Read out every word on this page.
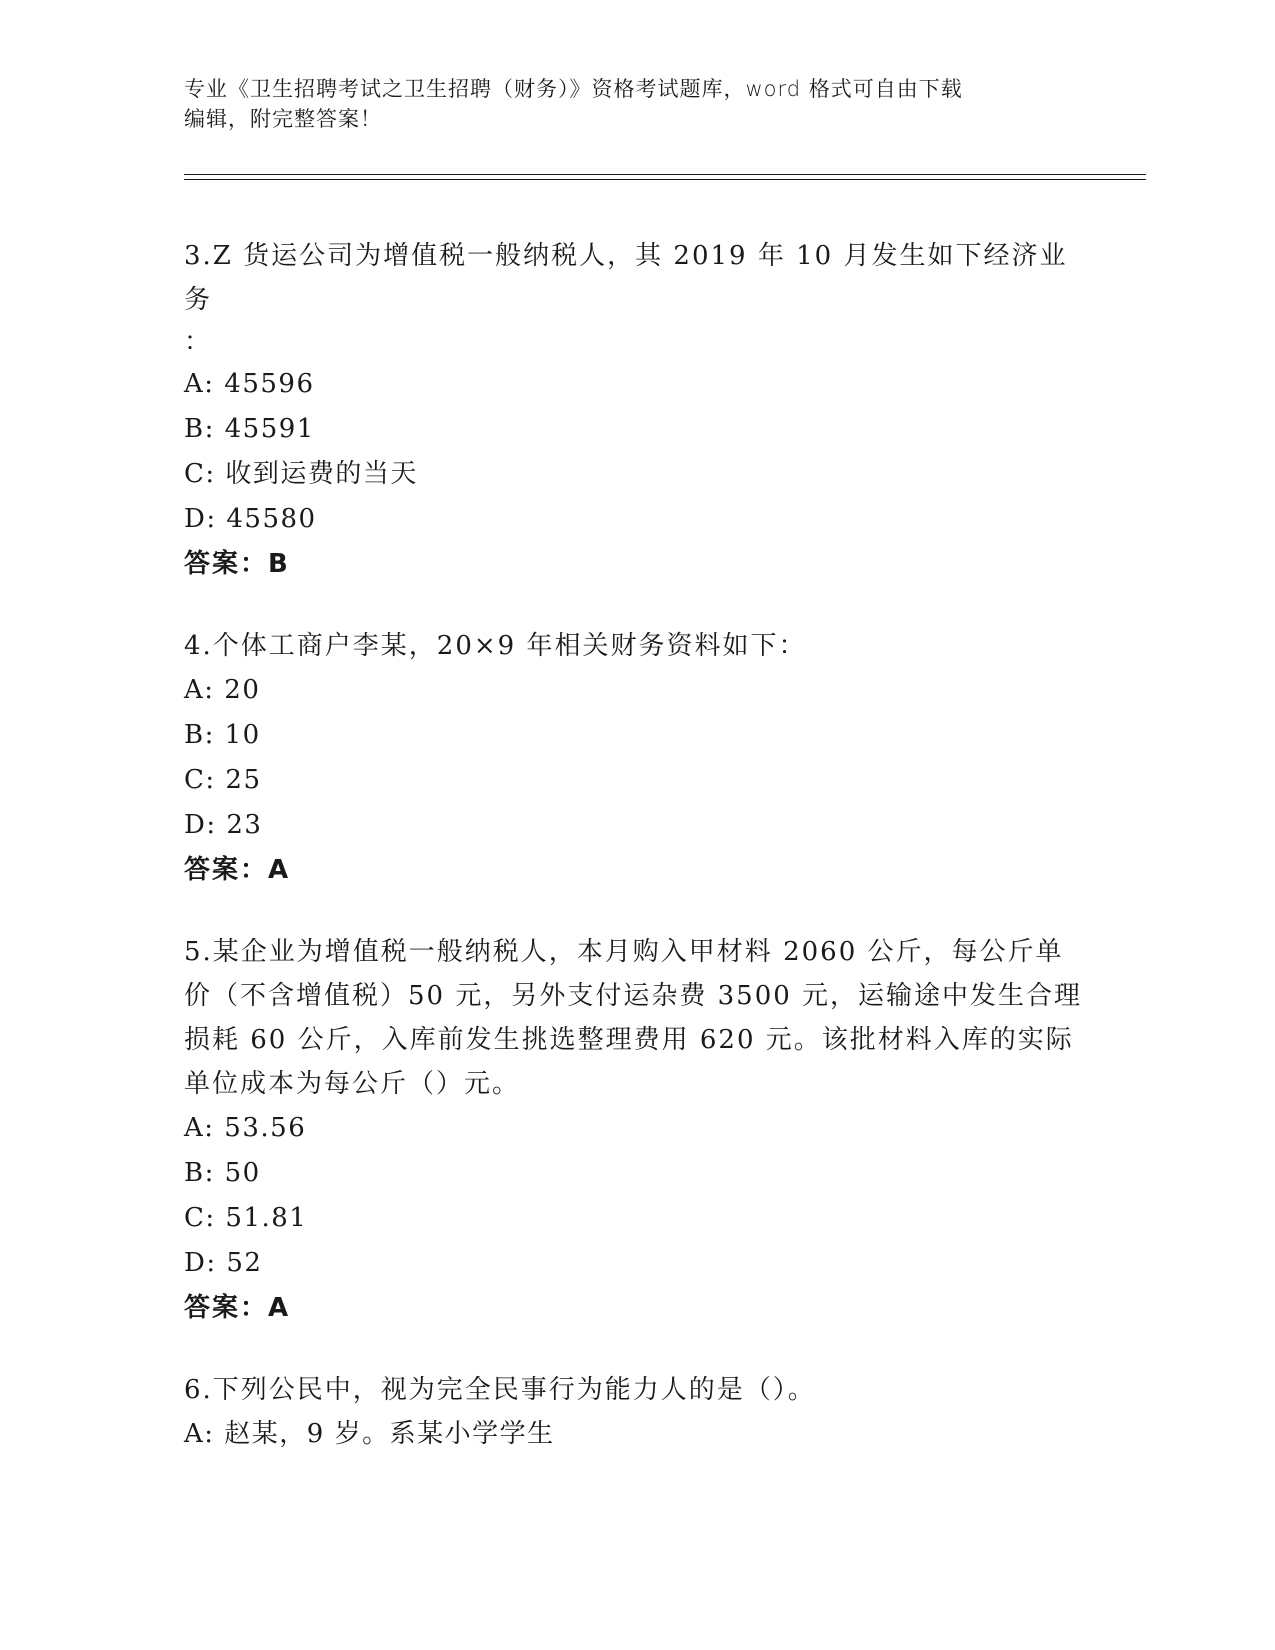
专业《卫生招聘考试之卫生招聘（财务）》资格考试题库，word 格式可自由下载
编辑，附完整答案！

3.Z 货运公司为增值税一般纳税人，其 2019 年 10 月发生如下经济业务

：

A: 45596

B: 45591

C: 收到运费的当天

D: 45580

答案：B

4.个体工商户李某，20×9 年相关财务资料如下：

A: 20

B: 10

C: 25

D: 23

答案：A

5.某企业为增值税一般纳税人，本月购入甲材料 2060 公斤，每公斤单

价（不含增值税）50 元，另外支付运杂费 3500 元，运输途中发生合理

损耗 60 公斤，入库前发生挑选整理费用 620 元。该批材料入库的实际

单位成本为每公斤（）元。

A: 53.56

B: 50

C: 51.81

D: 52

答案：A

6.下列公民中，视为完全民事行为能力人的是（）。

A: 赵某，9 岁。系某小学学生
